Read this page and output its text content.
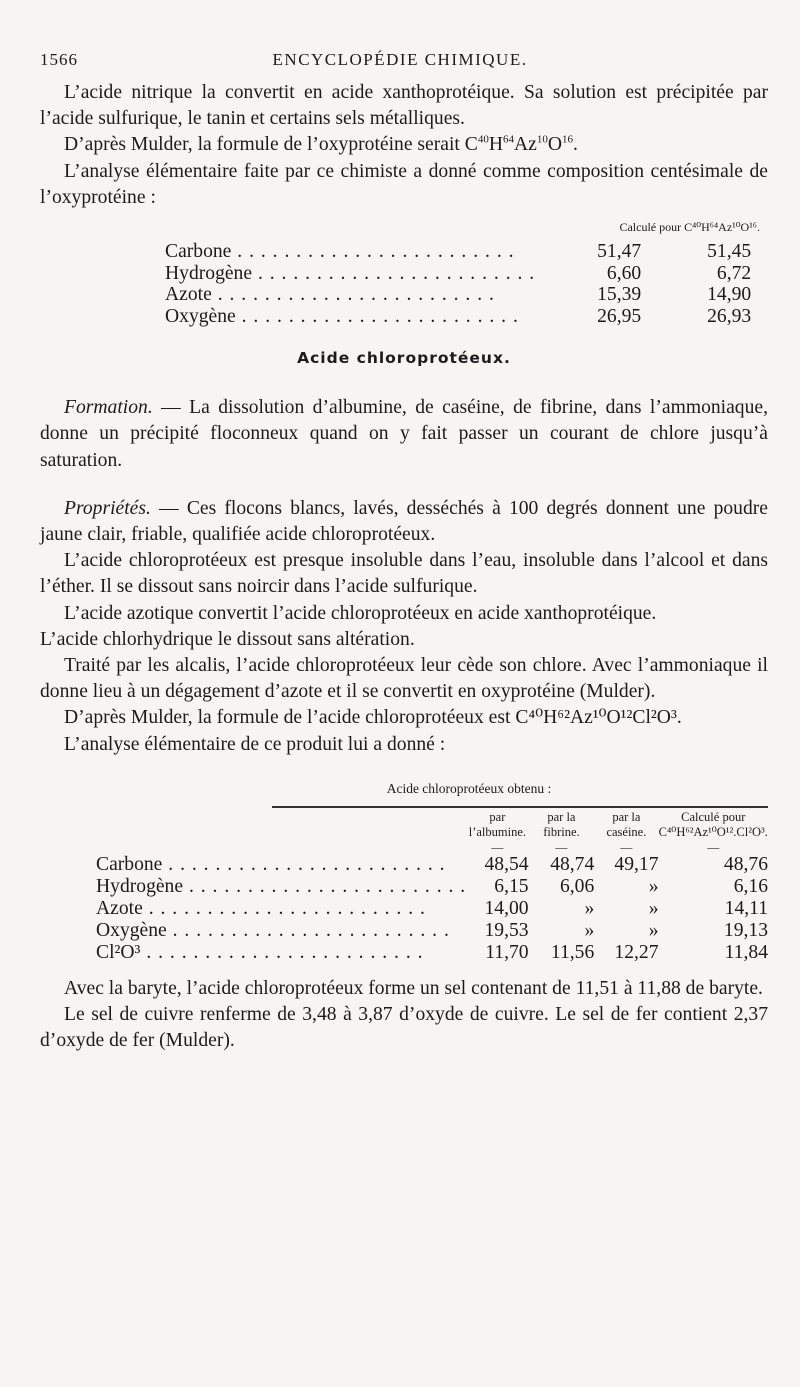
1566	ENCYCLOPÉDIE CHIMIQUE.

L’acide nitrique la convertit en acide xanthoprotéique. Sa solution est précipitée par l’acide sulfurique, le tanin et certains sels métalliques.

D’après Mulder, la formule de l’oxyprotéine serait $C^{40}H^{64}Az^{10}O^{16}$.

L’analyse élémentaire faite par ce chimiste a donné comme composition centésimale de l’oxyprotéine :

Calculé pour C⁴⁰H⁶⁴Az¹⁰O¹⁶.
Carbone . . .	51,47	51,45
Hydrogène . . .	6,60	6,72
Azote . . .	15,39	14,90
Oxygène . . .	26,95	26,93
Acide chloroprotéeux.

Formation. — La dissolution d’albumine, de caséine, de fibrine, dans l’ammoniaque, donne un précipité floconneux quand on y fait passer un courant de chlore jusqu’à saturation.

Propriétés. — Ces flocons blancs, lavés, desséchés à 100 degrés donnent une poudre jaune clair, friable, qualifiée acide chloroprotéeux.

L’acide chloroprotéeux est presque insoluble dans l’eau, insoluble dans l’alcool et dans l’éther. Il se dissout sans noircir dans l’acide sulfurique.

L’acide azotique convertit l’acide chloroprotéeux en acide xanthoprotéique.

L’acide chlorhydrique le dissout sans altération.

Traité par les alcalis, l’acide chloroprotéeux leur cède son chlore. Avec l’ammoniaque il donne lieu à un dégagement d’azote et il se convertit en oxyprotéine (Mulder).

D’après Mulder, la formule de l’acide chloroprotéeux est C⁴⁰H⁶²Az¹⁰O¹²Cl²O³.

L’analyse élémentaire de ce produit lui a donné :

Acide chloroprotéeux obtenu :
	par l’albumine.	par la fibrine.	par la caséine.	Calculé pour C⁴⁰H⁶²Az¹⁰O¹².Cl²O³.
	—	—	—	—
Carbone . . .	48,54	48,74	49,17	48,76
Hydrogène . . .	6,15	6,06	»	6,16
Azote . . .	14,00	»	»	14,11
Oxygène . . .	19,53	»	»	19,13
Cl²O³ . . .	11,70	11,56	12,27	11,84

Avec la baryte, l’acide chloroprotéeux forme un sel contenant de 11,51 à 11,88 de baryte.

Le sel de cuivre renferme de 3,48 à 3,87 d’oxyde de cuivre. Le sel de fer contient 2,37 d’oxyde de fer (Mulder).
